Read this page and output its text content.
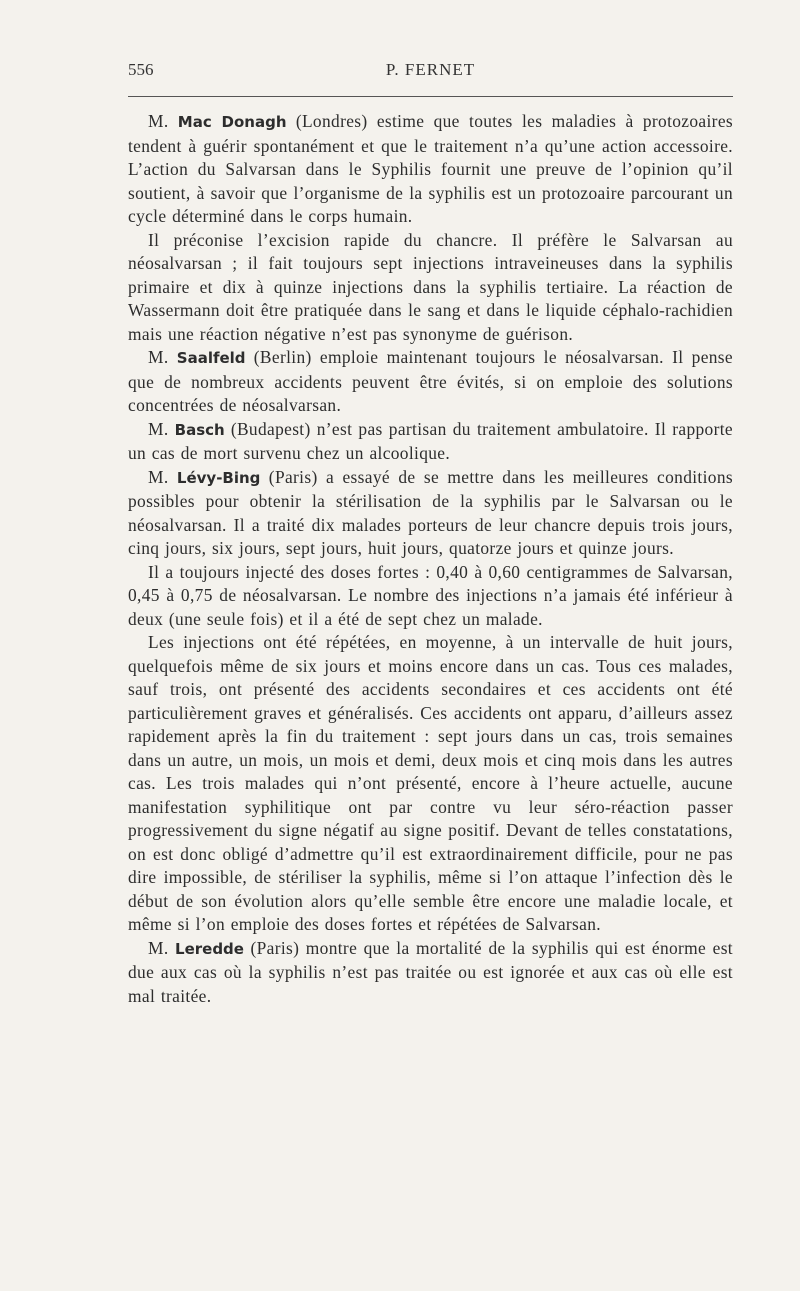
556	P. FERNET

M. Mac Donagh (Londres) estime que toutes les maladies à protozoaires tendent à guérir spontanément et que le traitement n’a qu’une action accessoire. L’action du Salvarsan dans le Syphilis fournit une preuve de l’opinion qu’il soutient, à savoir que l’organisme de la syphilis est un protozoaire parcourant un cycle déterminé dans le corps humain.

Il préconise l’excision rapide du chancre. Il préfère le Salvarsan au néosalvarsan ; il fait toujours sept injections intraveineuses dans la syphilis primaire et dix à quinze injections dans la syphilis tertiaire. La réaction de Wassermann doit être pratiquée dans le sang et dans le liquide céphalo-rachidien mais une réaction négative n’est pas synonyme de guérison.

M. Saalfeld (Berlin) emploie maintenant toujours le néosalvarsan. Il pense que de nombreux accidents peuvent être évités, si on emploie des solutions concentrées de néosalvarsan.

M. Basch (Budapest) n’est pas partisan du traitement ambulatoire. Il rapporte un cas de mort survenu chez un alcoolique.

M. Lévy-Bing (Paris) a essayé de se mettre dans les meilleures conditions possibles pour obtenir la stérilisation de la syphilis par le Salvarsan ou le néosalvarsan. Il a traité dix malades porteurs de leur chancre depuis trois jours, cinq jours, six jours, sept jours, huit jours, quatorze jours et quinze jours.

Il a toujours injecté des doses fortes : 0,40 à 0,60 centigrammes de Salvarsan, 0,45 à 0,75 de néosalvarsan. Le nombre des injections n’a jamais été inférieur à deux (une seule fois) et il a été de sept chez un malade.

Les injections ont été répétées, en moyenne, à un intervalle de huit jours, quelquefois même de six jours et moins encore dans un cas. Tous ces malades, sauf trois, ont présenté des accidents secondaires et ces accidents ont été particulièrement graves et généralisés. Ces accidents ont apparu, d’ailleurs assez rapidement après la fin du traitement : sept jours dans un cas, trois semaines dans un autre, un mois, un mois et demi, deux mois et cinq mois dans les autres cas. Les trois malades qui n’ont présenté, encore à l’heure actuelle, aucune manifestation syphilitique ont par contre vu leur séro-réaction passer progressivement du signe négatif au signe positif. Devant de telles constatations, on est donc obligé d’admettre qu’il est extraordinairement difficile, pour ne pas dire impossible, de stériliser la syphilis, même si l’on attaque l’infection dès le début de son évolution alors qu’elle semble être encore une maladie locale, et même si l’on emploie des doses fortes et répétées de Salvarsan.

M. Leredde (Paris) montre que la mortalité de la syphilis qui est énorme est due aux cas où la syphilis n’est pas traitée ou est ignorée et aux cas où elle est mal traitée.
